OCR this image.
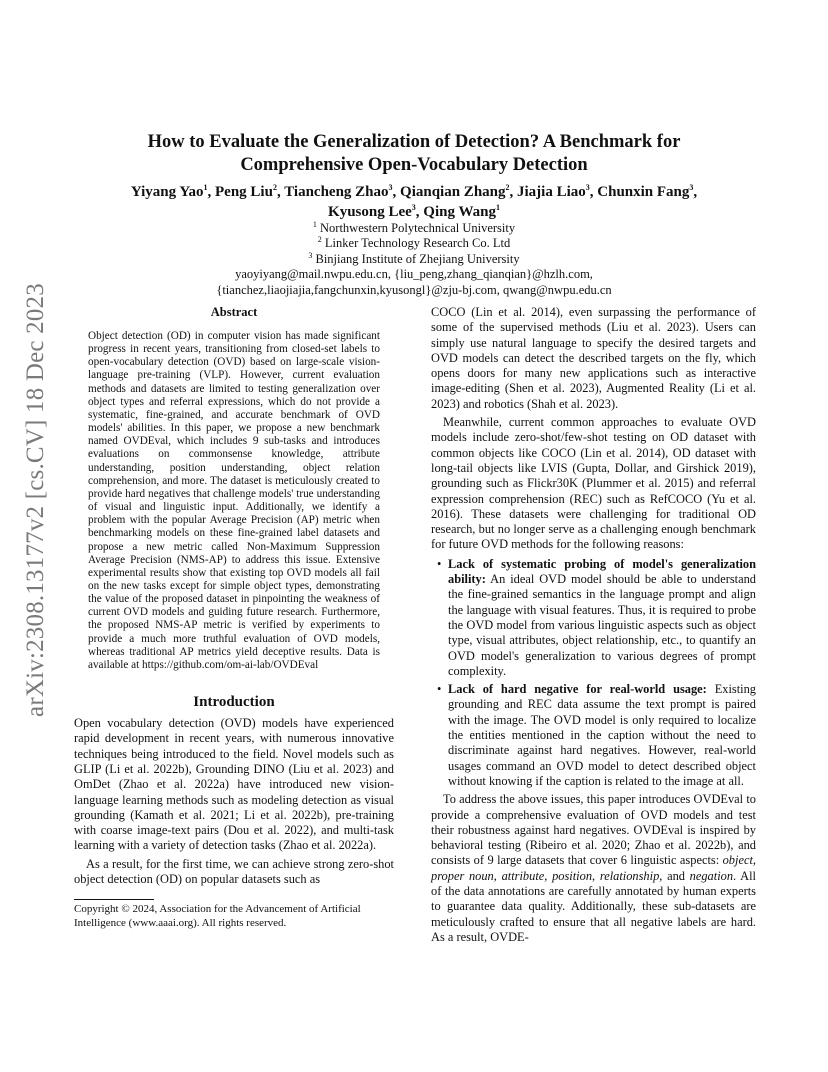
arXiv:2308.13177v2 [cs.CV] 18 Dec 2023
How to Evaluate the Generalization of Detection? A Benchmark for
Comprehensive Open-Vocabulary Detection
Yiyang Yao$^1$, Peng Liu$^2$, Tiancheng Zhao$^3$, Qianqian Zhang$^2$, Jiajia Liao$^3$, Chunxin Fang$^3$,
Kyusong Lee$^3$, Qing Wang$^1$
$^1$ Northwestern Polytechnical University
$^2$ Linker Technology Research Co. Ltd
$^3$ Binjiang Institute of Zhejiang University
yaoyiyang@mail.nwpu.edu.cn, {liu_peng,zhang_qianqian}@hzlh.com,
{tianchez,liaojiajia,fangchunxin,kyusongl}@zju-bj.com, qwang@nwpu.edu.cn
Abstract

Object detection (OD) in computer vision has made significant progress in recent years, transitioning from closed-set labels to open-vocabulary detection (OVD) based on large-scale vision-language pre-training (VLP). However, current evaluation methods and datasets are limited to testing generalization over object types and referral expressions, which do not provide a systematic, fine-grained, and accurate benchmark of OVD models' abilities. In this paper, we propose a new benchmark named OVDEval, which includes 9 sub-tasks and introduces evaluations on commonsense knowledge, attribute understanding, position understanding, object relation comprehension, and more. The dataset is meticulously created to provide hard negatives that challenge models' true understanding of visual and linguistic input. Additionally, we identify a problem with the popular Average Precision (AP) metric when benchmarking models on these fine-grained label datasets and propose a new metric called Non-Maximum Suppression Average Precision (NMS-AP) to address this issue. Extensive experimental results show that existing top OVD models all fail on the new tasks except for simple object types, demonstrating the value of the proposed dataset in pinpointing the weakness of current OVD models and guiding future research. Furthermore, the proposed NMS-AP metric is verified by experiments to provide a much more truthful evaluation of OVD models, whereas traditional AP metrics yield deceptive results. Data is available at https://github.com/om-ai-lab/OVDEval

Introduction

Open vocabulary detection (OVD) models have experienced rapid development in recent years, with numerous innovative techniques being introduced to the field. Novel models such as GLIP (Li et al. 2022b), Grounding DINO (Liu et al. 2023) and OmDet (Zhao et al. 2022a) have introduced new vision-language learning methods such as modeling detection as visual grounding (Kamath et al. 2021; Li et al. 2022b), pre-training with coarse image-text pairs (Dou et al. 2022), and multi-task learning with a variety of detection tasks (Zhao et al. 2022a).

As a result, for the first time, we can achieve strong zero-shot object detection (OD) on popular datasets such as

Copyright © 2024, Association for the Advancement of Artificial Intelligence (www.aaai.org). All rights reserved.

COCO (Lin et al. 2014), even surpassing the performance of some of the supervised methods (Liu et al. 2023). Users can simply use natural language to specify the desired targets and OVD models can detect the described targets on the fly, which opens doors for many new applications such as interactive image-editing (Shen et al. 2023), Augmented Reality (Li et al. 2023) and robotics (Shah et al. 2023).

Meanwhile, current common approaches to evaluate OVD models include zero-shot/few-shot testing on OD dataset with common objects like COCO (Lin et al. 2014), OD dataset with long-tail objects like LVIS (Gupta, Dollar, and Girshick 2019), grounding such as Flickr30K (Plummer et al. 2015) and referral expression comprehension (REC) such as RefCOCO (Yu et al. 2016). These datasets were challenging for traditional OD research, but no longer serve as a challenging enough benchmark for future OVD methods for the following reasons:

• Lack of systematic probing of model's generalization ability: An ideal OVD model should be able to understand the fine-grained semantics in the language prompt and align the language with visual features. Thus, it is required to probe the OVD model from various linguistic aspects such as object type, visual attributes, object relationship, etc., to quantify an OVD model's generalization to various degrees of prompt complexity.
• Lack of hard negative for real-world usage: Existing grounding and REC data assume the text prompt is paired with the image. The OVD model is only required to localize the entities mentioned in the caption without the need to discriminate against hard negatives. However, real-world usages command an OVD model to detect described object without knowing if the caption is related to the image at all.

To address the above issues, this paper introduces OVDEval to provide a comprehensive evaluation of OVD models and test their robustness against hard negatives. OVDEval is inspired by behavioral testing (Ribeiro et al. 2020; Zhao et al. 2022b), and consists of 9 large datasets that cover 6 linguistic aspects: object, proper noun, attribute, position, relationship, and negation. All of the data annotations are carefully annotated by human experts to guarantee data quality. Additionally, these sub-datasets are meticulously crafted to ensure that all negative labels are hard. As a result, OVDE-
